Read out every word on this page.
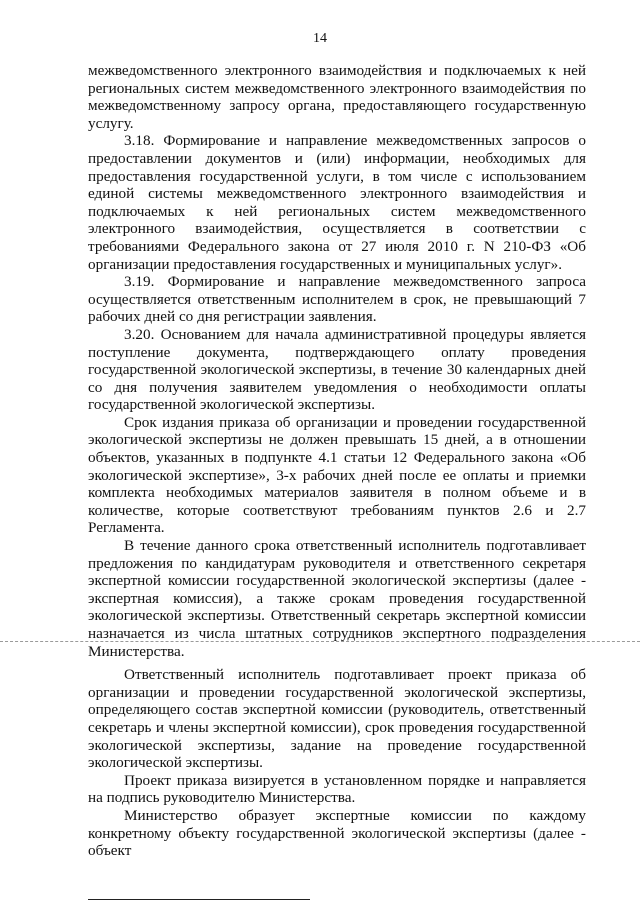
14

межведомственного электронного взаимодействия и подключаемых к ней региональных систем межведомственного электронного взаимодействия по межведомственному запросу органа, предоставляющего государственную услугу.

3.18. Формирование и направление межведомственных запросов о предоставлении документов и (или) информации, необходимых для предоставления государственной услуги, в том числе с использованием единой системы межведомственного электронного взаимодействия и подключаемых к ней региональных систем межведомственного электронного взаимодействия, осуществляется в соответствии с требованиями Федерального закона от 27 июля 2010 г. N 210-ФЗ «Об организации предоставления государственных и муниципальных услуг».

3.19. Формирование и направление межведомственного запроса осуществляется ответственным исполнителем в срок, не превышающий 7 рабочих дней со дня регистрации заявления.

3.20. Основанием для начала административной процедуры является поступление документа, подтверждающего оплату проведения государственной экологической экспертизы, в течение 30 календарных дней со дня получения заявителем уведомления о необходимости оплаты государственной экологической экспертизы.

Срок издания приказа об организации и проведении государственной экологической экспертизы не должен превышать 15 дней, а в отношении объектов, указанных в подпункте 4.1 статьи 12 Федерального закона «Об экологической экспертизе», 3-х рабочих дней после ее оплаты и приемки комплекта необходимых материалов заявителя в полном объеме и в количестве, которые соответствуют требованиям пунктов 2.6 и 2.7 Регламента.

В течение данного срока ответственный исполнитель подготавливает предложения по кандидатурам руководителя и ответственного секретаря экспертной комиссии государственной экологической экспертизы (далее - экспертная комиссия), а также срокам проведения государственной экологической экспертизы. Ответственный секретарь экспертной комиссии назначается из числа штатных сотрудников экспертного подразделения Министерства.

Ответственный исполнитель подготавливает проект приказа об организации и проведении государственной экологической экспертизы, определяющего состав экспертной комиссии (руководитель, ответственный секретарь и члены экспертной комиссии), срок проведения государственной экологической экспертизы, задание на проведение государственной экологической экспертизы.

Проект приказа визируется в установленном порядке и направляется на подпись руководителю Министерства.

Министерство образует экспертные комиссии по каждому конкретному объекту государственной экологической экспертизы (далее - объект
